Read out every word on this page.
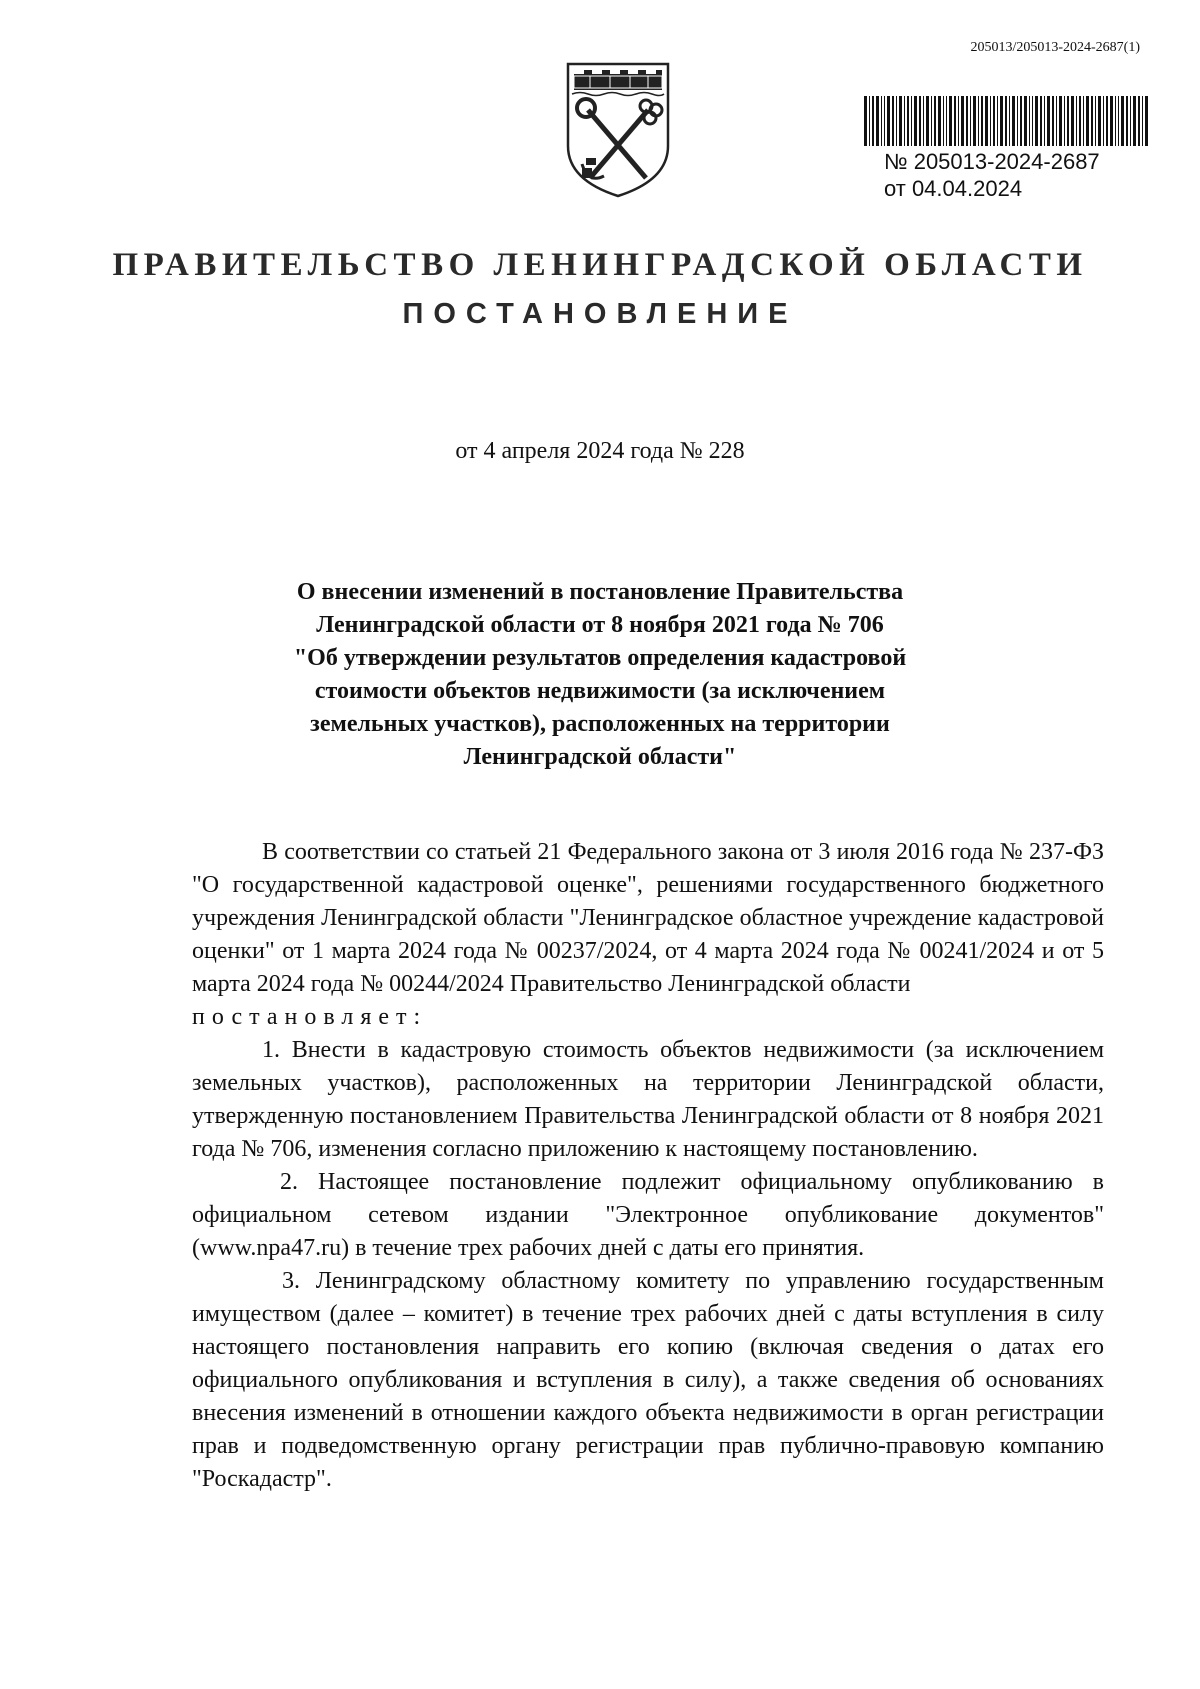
205013/205013-2024-2687(1)
№ 205013-2024-2687
от 04.04.2024
ПРАВИТЕЛЬСТВО ЛЕНИНГРАДСКОЙ ОБЛАСТИ
ПОСТАНОВЛЕНИЕ
от 4 апреля 2024 года № 228
О внесении изменений в постановление Правительства
Ленинградской области от 8 ноября 2021 года № 706
"Об утверждении результатов определения кадастровой
стоимости объектов недвижимости (за исключением
земельных участков), расположенных на территории
Ленинградской области"

В соответствии со статьей 21 Федерального закона от 3 июля 2016 года № 237-ФЗ "О государственной кадастровой оценке", решениями государственного бюджетного учреждения Ленинградской области "Ленинградское областное учреждение кадастровой оценки" от 1 марта 2024 года № 00237/2024, от 4 марта 2024 года № 00241/2024 и от 5 марта 2024 года № 00244/2024 Правительство Ленинградской области

постановляет:

1. Внести в кадастровую стоимость объектов недвижимости (за исключением земельных участков), расположенных на территории Ленинградской области, утвержденную постановлением Правительства Ленинградской области от 8 ноября 2021 года № 706, изменения согласно приложению к настоящему постановлению.

2. Настоящее постановление подлежит официальному опубликованию в официальном сетевом издании "Электронное опубликование документов" (www.npa47.ru) в течение трех рабочих дней с даты его принятия.

3. Ленинградскому областному комитету по управлению государственным имуществом (далее – комитет) в течение трех рабочих дней с даты вступления в силу настоящего постановления направить его копию (включая сведения о датах его официального опубликования и вступления в силу), а также сведения об основаниях внесения изменений в отношении каждого объекта недвижимости в орган регистрации прав и подведомственную органу регистрации прав публично-правовую компанию "Роскадастр".
